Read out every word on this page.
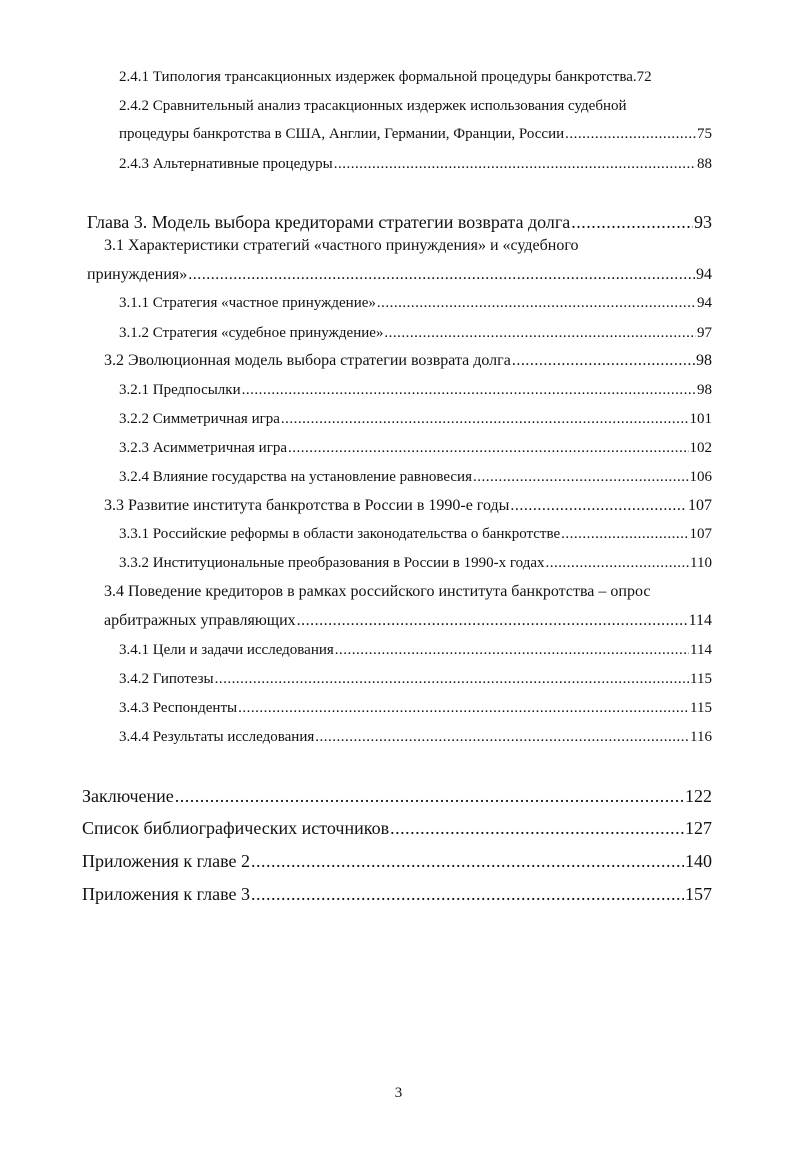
2.4.1 Типология трансакционных издержек формальной процедуры банкротства .72
2.4.2 Сравнительный анализ трасакционных издержек использования судебной
процедуры банкротства в США, Англии, Германии, Франции, России .....	75
2.4.3 Альтернативные процедуры .....	88
Глава 3. Модель выбора кредиторами стратегии возврата долга .....	93
3.1 Характеристики стратегий «частного принуждения» и «судебного
принуждения» .....	94
3.1.1 Стратегия «частное принуждение» .....	94
3.1.2 Стратегия «судебное принуждение» .....	97
3.2 Эволюционная модель выбора стратегии возврата долга .....	98
3.2.1 Предпосылки .....	98
3.2.2 Симметричная игра .....	101
3.2.3 Асимметричная игра .....	102
3.2.4 Влияние государства на установление равновесия .....	106
3.3 Развитие института банкротства в России в 1990-е годы .....	107
3.3.1 Российские реформы в области законодательства о банкротстве .....	107
3.3.2 Институциональные преобразования в России в 1990-х годах .....	110
3.4 Поведение кредиторов в рамках российского института банкротства – опрос
арбитражных управляющих .....	114
3.4.1 Цели и задачи исследования .....	114
3.4.2 Гипотезы .....	115
3.4.3 Респонденты .....	115
3.4.4 Результаты исследования .....	116
Заключение .....	122
Список библиографических источников .....	127
Приложения к главе 2 .....	140
Приложения к главе 3 .....	157
3
